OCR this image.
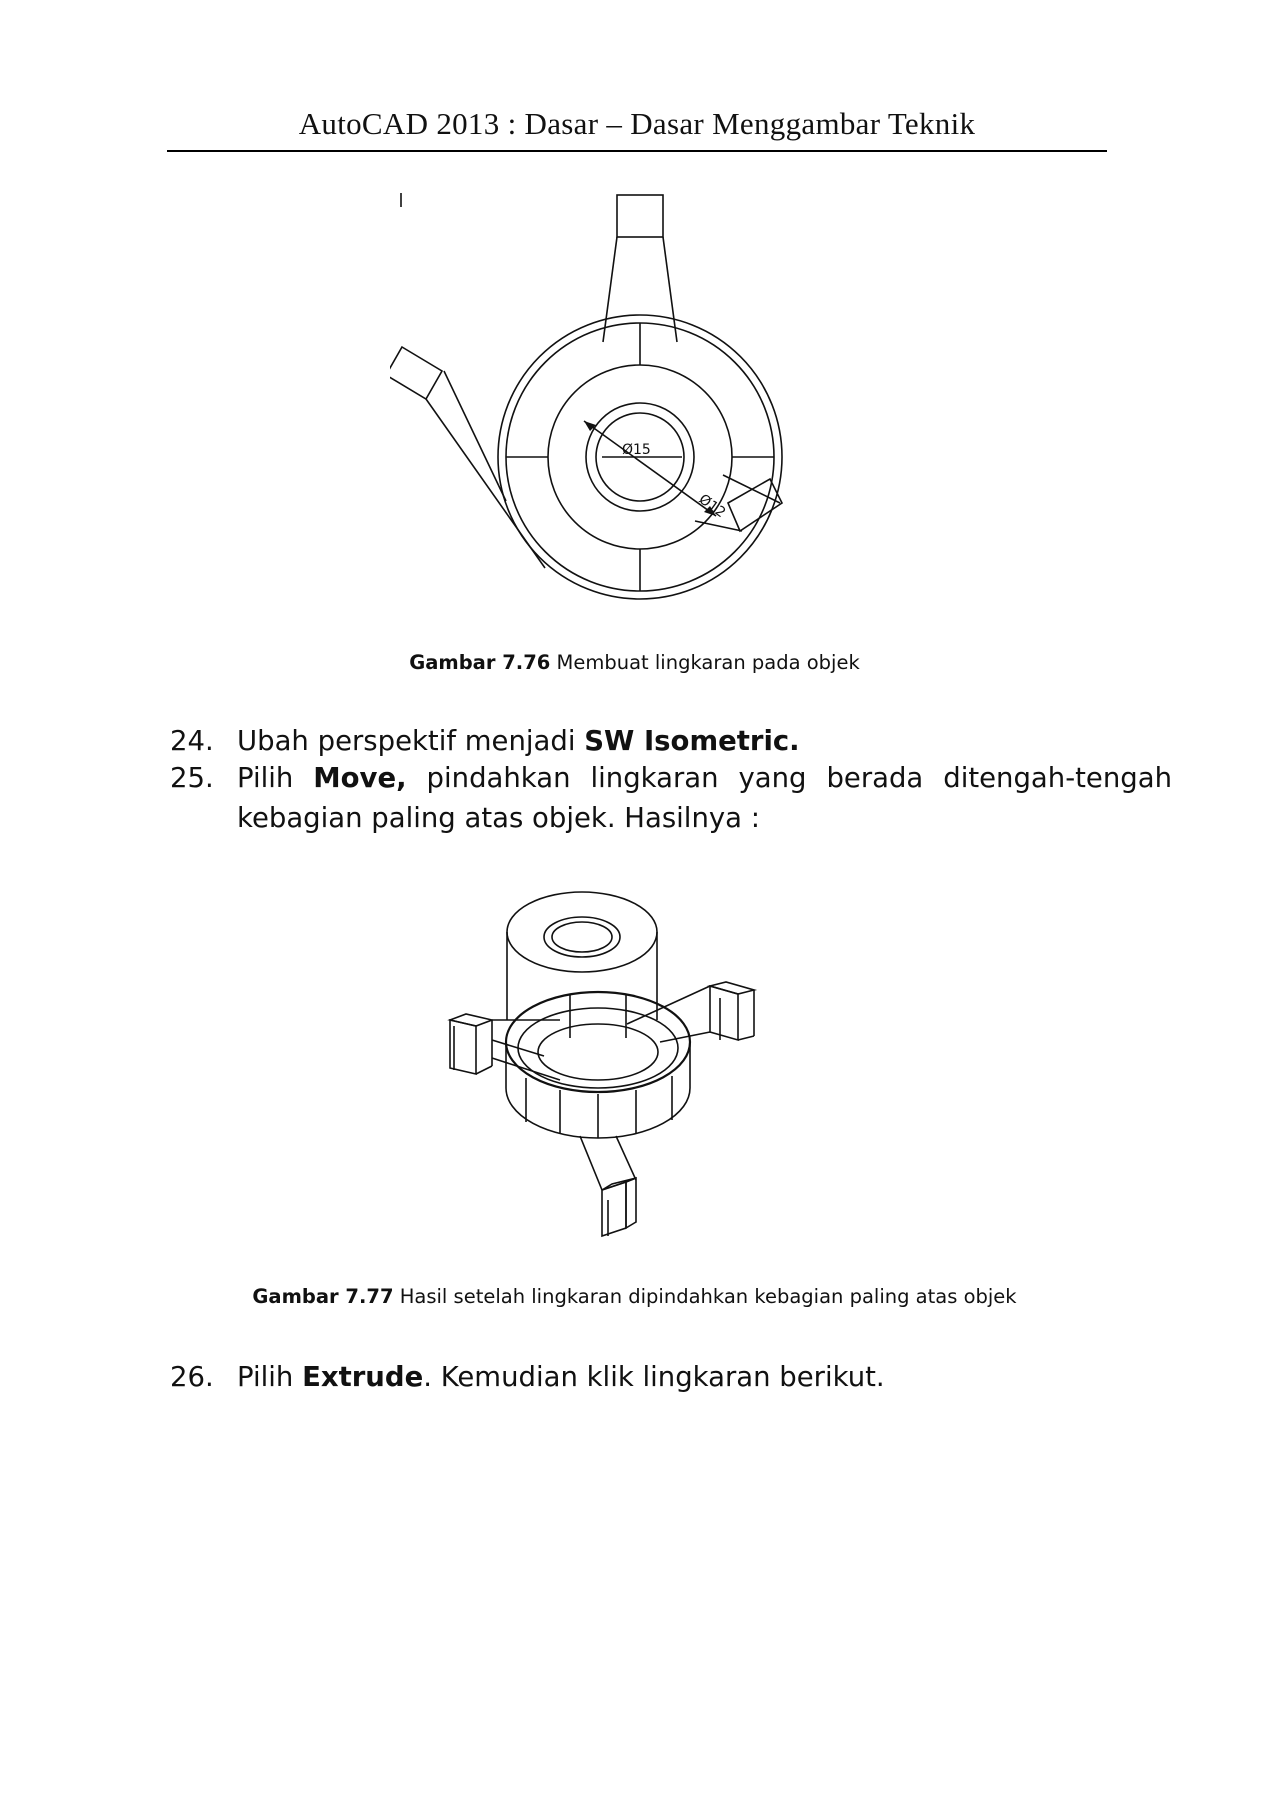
AutoCAD 2013 : Dasar – Dasar Menggambar Teknik
Ø15
Ø12
Gambar 7.76 Membuat lingkaran pada objek
24. Ubah perspektif menjadi SW Isometric.
25. Pilih Move, pindahkan lingkaran yang berada ditengah-tengah
kebagian paling atas objek. Hasilnya :
Gambar 7.77 Hasil setelah lingkaran dipindahkan kebagian paling atas objek
26. Pilih Extrude. Kemudian klik lingkaran berikut.
